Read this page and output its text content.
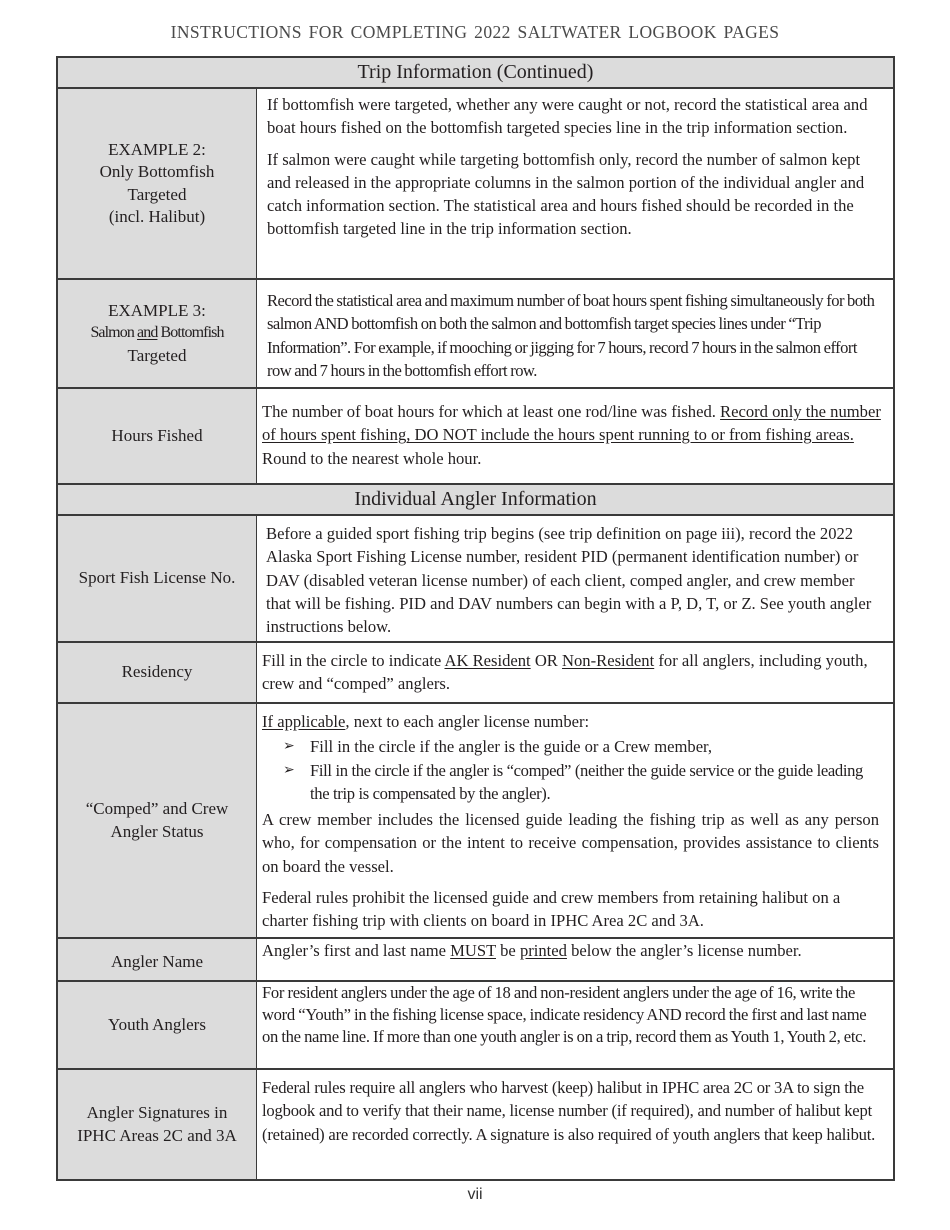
INSTRUCTIONS FOR COMPLETING 2022 SALTWATER LOGBOOK PAGES
Trip Information (Continued)
EXAMPLE 2:
Only Bottomfish
Targeted
(incl. Halibut)

If bottomfish were targeted, whether any were caught or not, record the statistical area and boat hours fished on the bottomfish targeted species line in the trip information section.

If salmon were caught while targeting bottomfish only, record the number of salmon kept and released in the appropriate columns in the salmon portion of the individual angler and catch information section. The statistical area and hours fished should be recorded in the bottomfish targeted line in the trip information section.

EXAMPLE 3:
Salmon and Bottomfish
Targeted

Record the statistical area and maximum number of boat hours spent fishing simultaneously for both salmon AND bottomfish on both the salmon and bottomfish target species lines under “Trip Information”. For example, if mooching or jigging for 7 hours, record 7 hours in the salmon effort row and 7 hours in the bottomfish effort row.

Hours Fished

The number of boat hours for which at least one rod/line was fished. Record only the number of hours spent fishing, DO NOT include the hours spent running to or from fishing areas. Round to the nearest whole hour.

Individual Angler Information
Sport Fish License No.

Before a guided sport fishing trip begins (see trip definition on page iii), record the 2022 Alaska Sport Fishing License number, resident PID (permanent identification number) or DAV (disabled veteran license number) of each client, comped angler, and crew member that will be fishing. PID and DAV numbers can begin with a P, D, T, or Z. See youth angler instructions below.

Residency

Fill in the circle to indicate AK Resident OR Non-Resident for all anglers, including youth, crew and “comped” anglers.

“Comped” and Crew
Angler Status

If applicable, next to each angler license number:

➢ Fill in the circle if the angler is the guide or a Crew member,
➢ Fill in the circle if the angler is “comped” (neither the guide service or the guide leading the trip is compensated by the angler).

A crew member includes the licensed guide leading the fishing trip as well as any person who, for compensation or the intent to receive compensation, provides assistance to clients on board the vessel.

Federal rules prohibit the licensed guide and crew members from retaining halibut on a charter fishing trip with clients on board in IPHC Area 2C and 3A.

Angler Name

Angler’s first and last name MUST be printed below the angler’s license number.

Youth Anglers

For resident anglers under the age of 18 and non-resident anglers under the age of 16, write the word “Youth” in the fishing license space, indicate residency AND record the first and last name on the name line. If more than one youth angler is on a trip, record them as Youth 1, Youth 2, etc.

Angler Signatures in
IPHC Areas 2C and 3A

Federal rules require all anglers who harvest (keep) halibut in IPHC area 2C or 3A to sign the logbook and to verify that their name, license number (if required), and number of halibut kept (retained) are recorded correctly. A signature is also required of youth anglers that keep halibut.

vii
